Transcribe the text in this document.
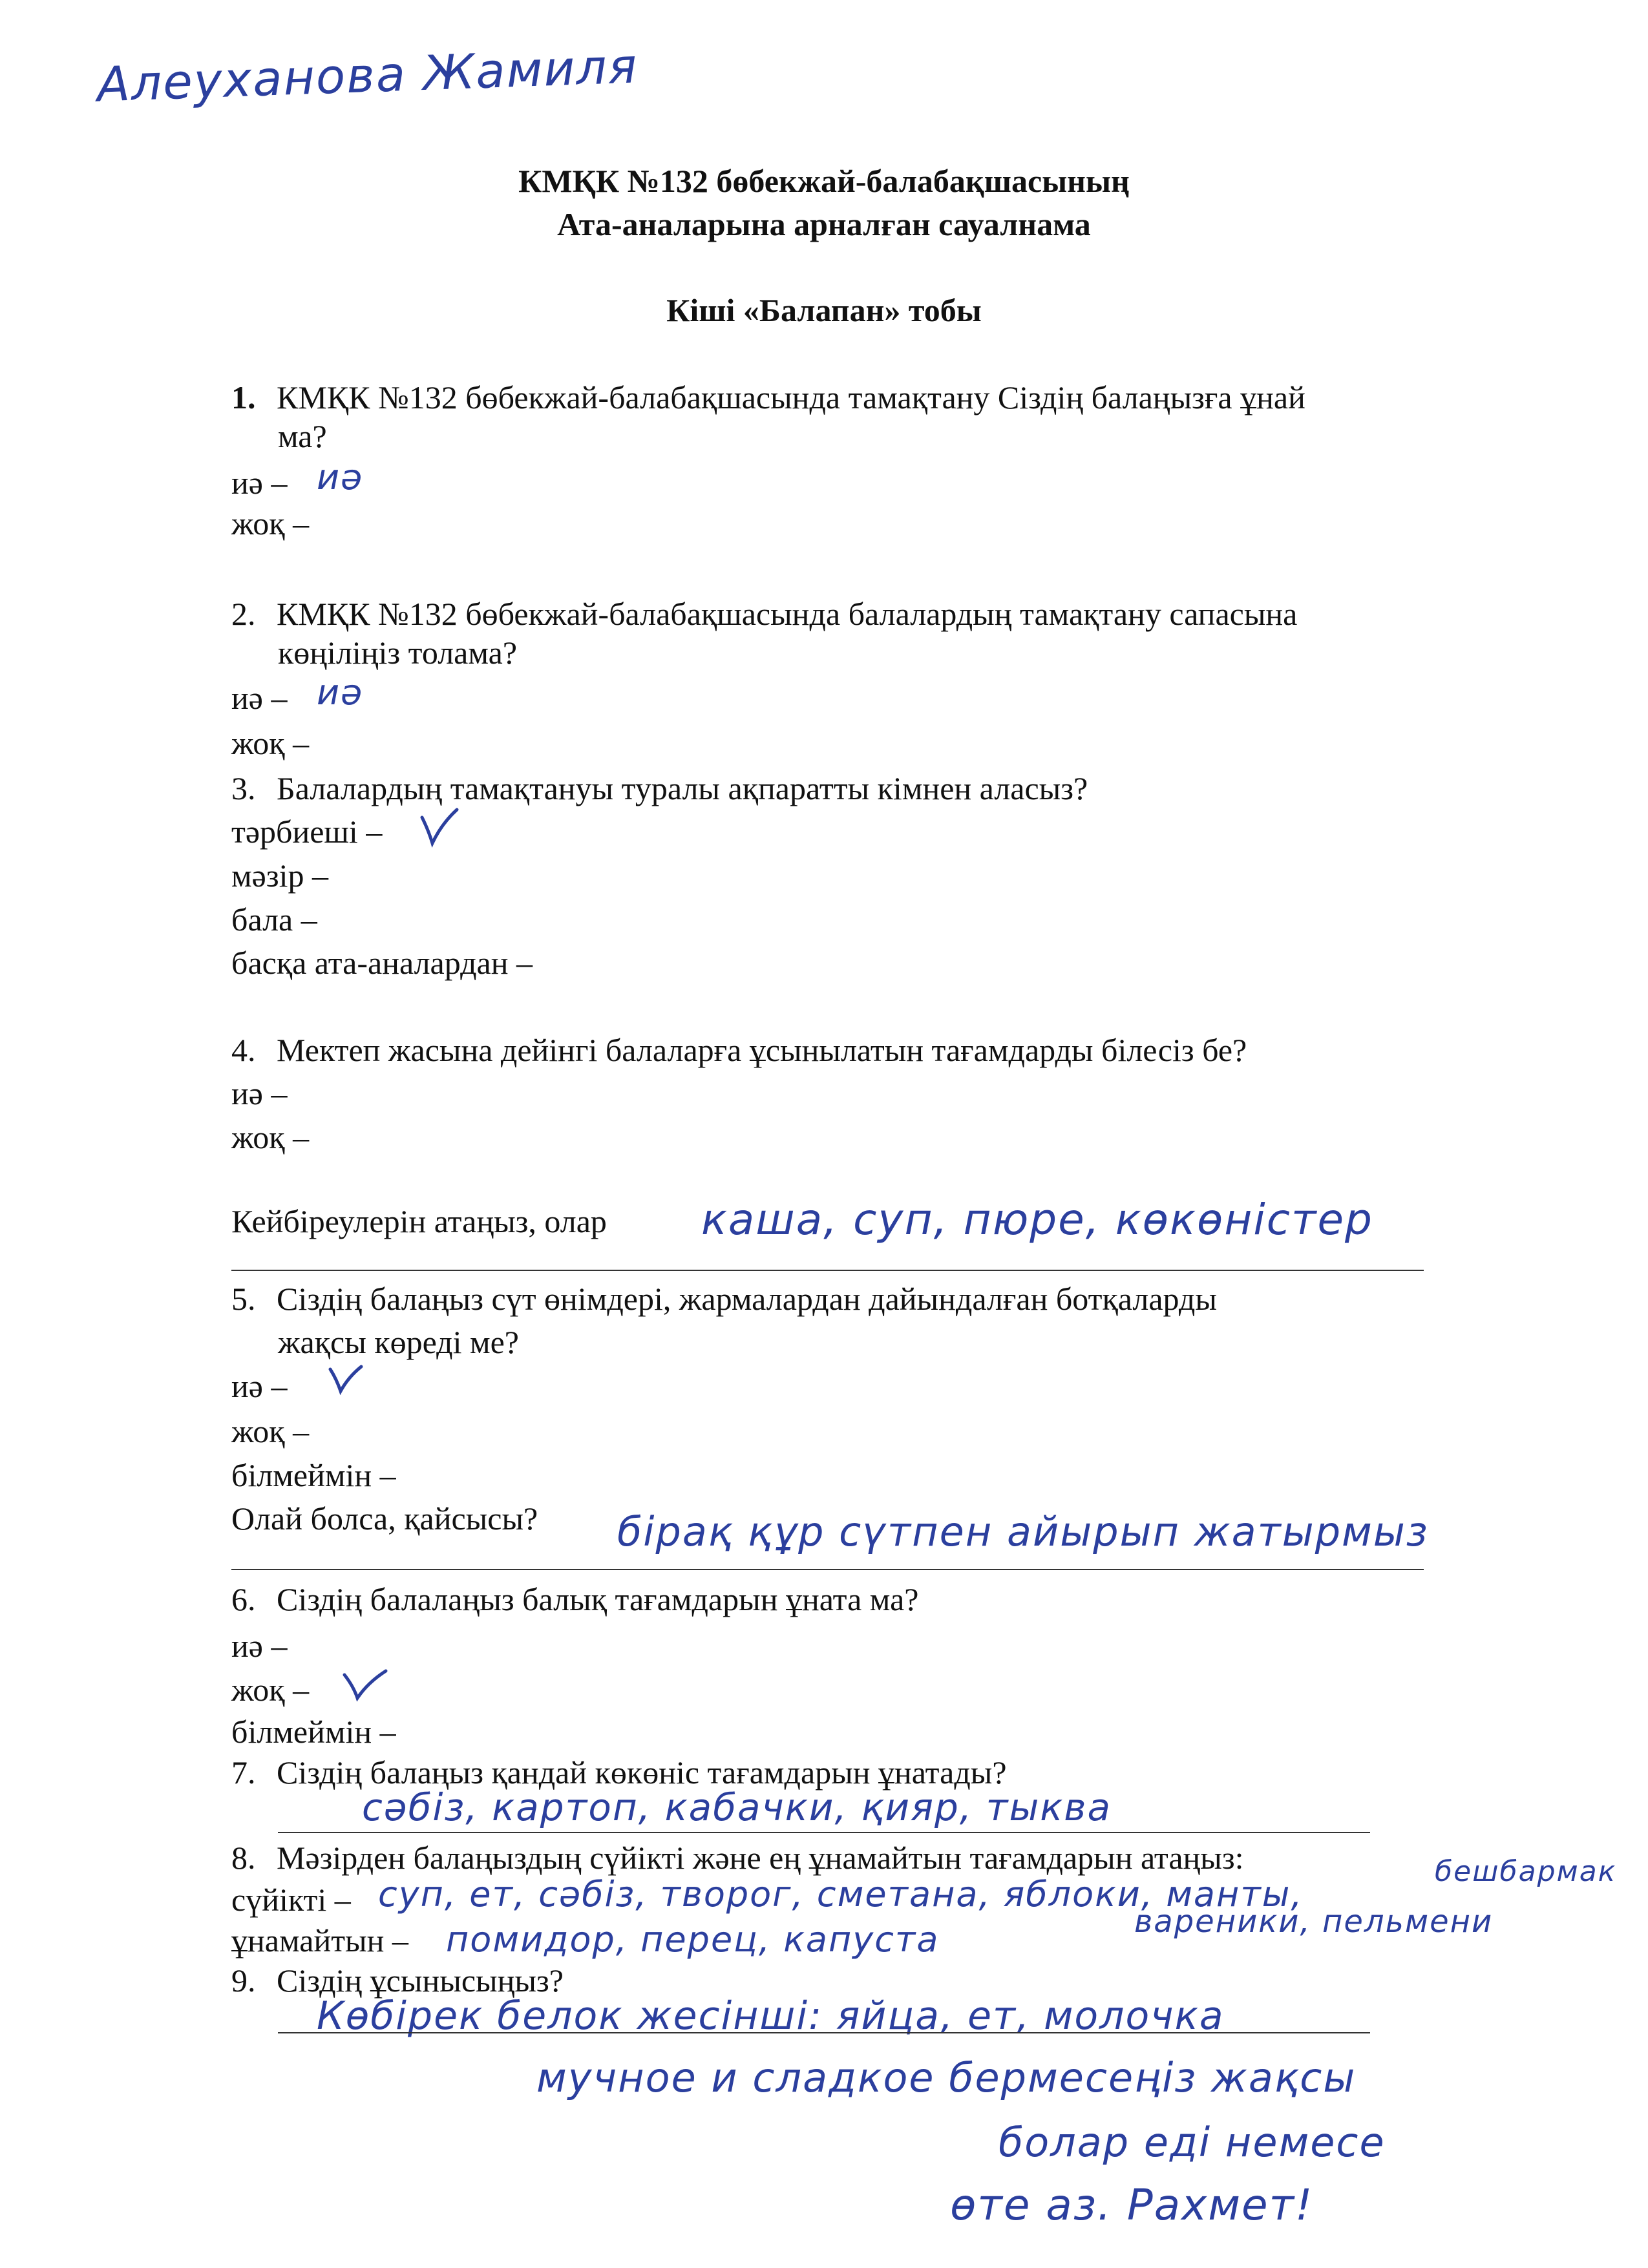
Алеуханова Жамиля
КМҚК №132 бөбекжай-балабақшасының
Ата-аналарына арналған сауалнама
Кіші «Балапан» тобы
1. КМҚК №132 бөбекжай-балабақшасында тамақтану Сіздің балаңызға ұнай
ма?
иә – иә
жоқ –
2. КМҚК №132 бөбекжай-балабақшасында балалардың тамақтану сапасына
көңіліңіз толама?
иә – иә
жоқ –
3. Балалардың тамақтануы туралы ақпаратты кімнен аласыз?
тәрбиеші –
мәзір –
бала –
басқа ата-аналардан –
4. Мектеп жасына дейінгі балаларға ұсынылатын тағамдарды білесіз бе?
иә –
жоқ –
Кейбіреулерін атаңыз, олар каша, суп, пюре, көкөністер
5. Сіздің балаңыз сүт өнімдері, жармалардан дайындалған ботқаларды
жақсы көреді ме?
иә –
жоқ –
білмеймін –
Олай болса, қайсысы? бірақ құр сүтпен айырып жатырмыз
6. Сіздің балалаңыз балық тағамдарын ұната ма?
иә –
жоқ –
білмеймін –
7. Сіздің балаңыз қандай көкөніс тағамдарын ұнатады?
сәбіз, картоп, кабачки, қияр, тыква
8. Мәзірден балаңыздың сүйікті және ең ұнамайтын тағамдарын атаңыз:
сүйікті – суп, ет, сәбіз, творог, сметана, яблоки, манты,
бешбармак
ұнамайтын – помидор, перец, капуста	вареники, пельмени
9. Сіздің ұсынысыңыз?
Көбірек белок жесінші: яйца, ет, молочка
мучное и сладкое бермесеңіз жақсы
болар еді немесе
өте аз. Рахмет!
